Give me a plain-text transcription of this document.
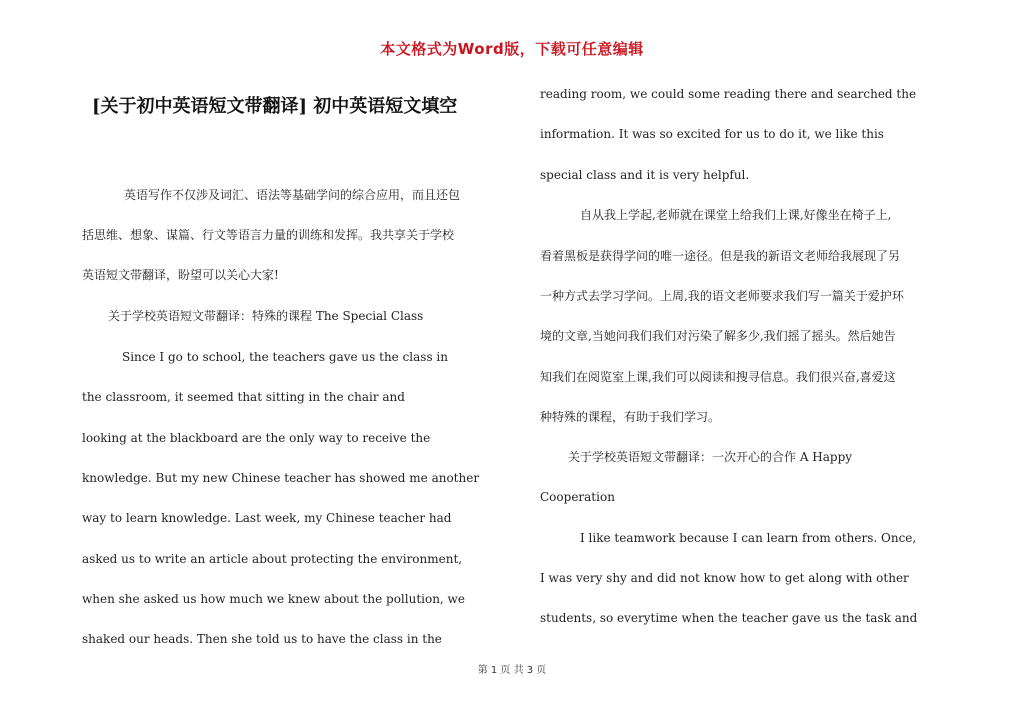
本文格式为Word版，下载可任意编辑
[关于初中英语短文带翻译] 初中英语短文填空
英语写作不仅涉及词汇、语法等基础学问的综合应用，而且还包
括思维、想象、谋篇、行文等语言力量的训练和发挥。我共享关于学校
英语短文带翻译，盼望可以关心大家!
关于学校英语短文带翻译：特殊的课程 The Special Class
Since I go to school, the teachers gave us the class in
the classroom, it seemed that sitting in the chair and
looking at the blackboard are the only way to receive the
knowledge. But my new Chinese teacher has showed me another
way to learn knowledge. Last week, my Chinese teacher had
asked us to write an article about protecting the environment,
when she asked us how much we knew about the pollution, we
shaked our heads. Then she told us to have the class in the
reading room, we could some reading there and searched the
information. It was so excited for us to do it, we like this
special class and it is very helpful.
自从我上学起,老师就在课堂上给我们上课,好像坐在椅子上,
看着黑板是获得学问的唯一途径。但是我的新语文老师给我展现了另
一种方式去学习学问。上周,我的语文老师要求我们写一篇关于爱护环
境的文章,当她问我们我们对污染了解多少,我们摇了摇头。然后她告
知我们在阅览室上课,我们可以阅读和搜寻信息。我们很兴奋,喜爱这
种特殊的课程，有助于我们学习。
关于学校英语短文带翻译：一次开心的合作 A Happy
Cooperation
I like teamwork because I can learn from others. Once,
I was very shy and did not know how to get along with other
students, so everytime when the teacher gave us the task and
第 1 页 共 3 页
